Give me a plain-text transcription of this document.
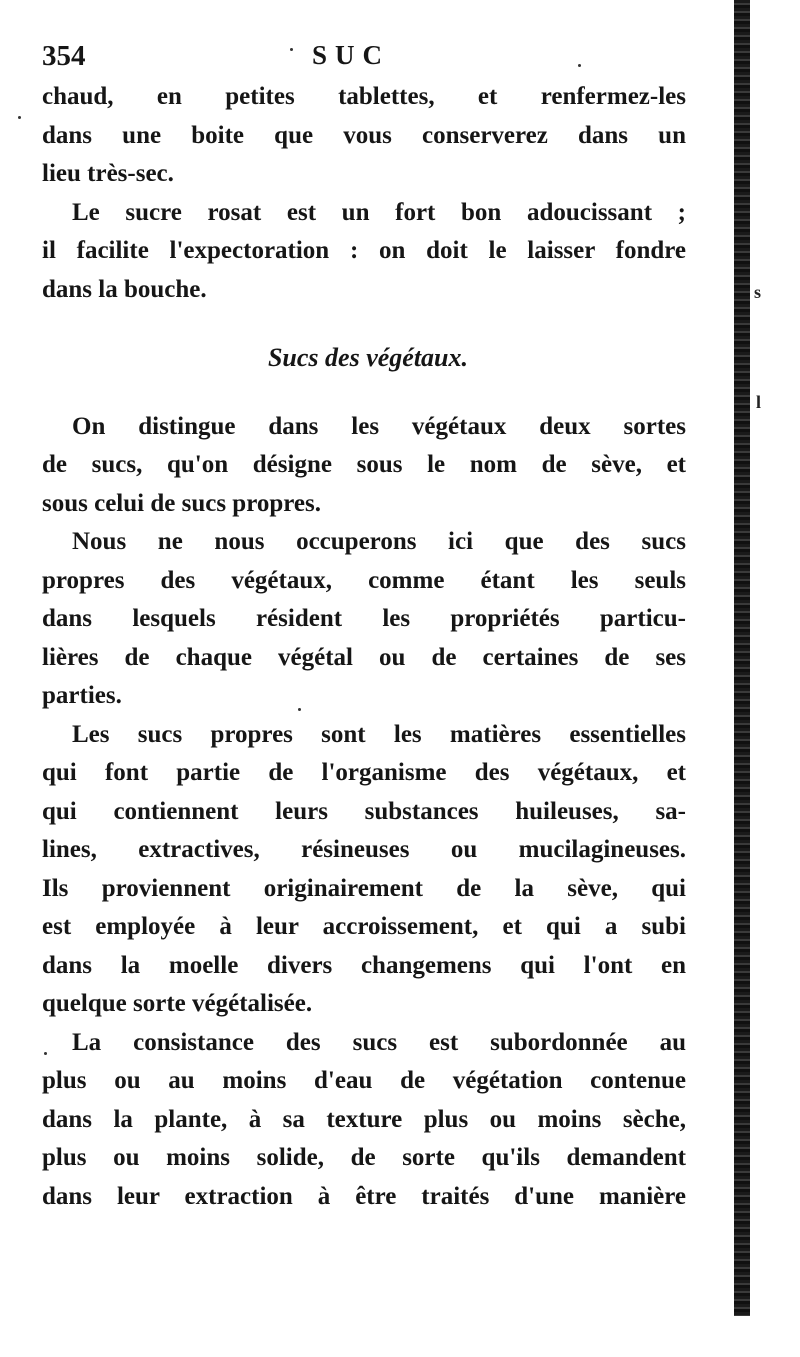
354	SUC
chaud, en petites tablettes, et renfermez-les
dans une boite que vous conserverez dans un
lieu très-sec.
Le sucre rosat est un fort bon adoucissant ;
il facilite l'expectoration : on doit le laisser fondre
dans la bouche.
Sucs des végétaux.
On distingue dans les végétaux deux sortes
de sucs, qu'on désigne sous le nom de sève, et
sous celui de sucs propres.
Nous ne nous occuperons ici que des sucs
propres des végétaux, comme étant les seuls
dans lesquels résident les propriétés particu-
lières de chaque végétal ou de certaines de ses
parties.
Les sucs propres sont les matières essentielles
qui font partie de l'organisme des végétaux, et
qui contiennent leurs substances huileuses, sa-
lines, extractives, résineuses ou mucilagineuses.
Ils proviennent originairement de la sève, qui
est employée à leur accroissement, et qui a subi
dans la moelle divers changemens qui l'ont en
quelque sorte végétalisée.
La consistance des sucs est subordonnée au
plus ou au moins d'eau de végétation contenue
dans la plante, à sa texture plus ou moins sèche,
plus ou moins solide, de sorte qu'ils demandent
dans leur extraction à être traités d'une manière
s
l
